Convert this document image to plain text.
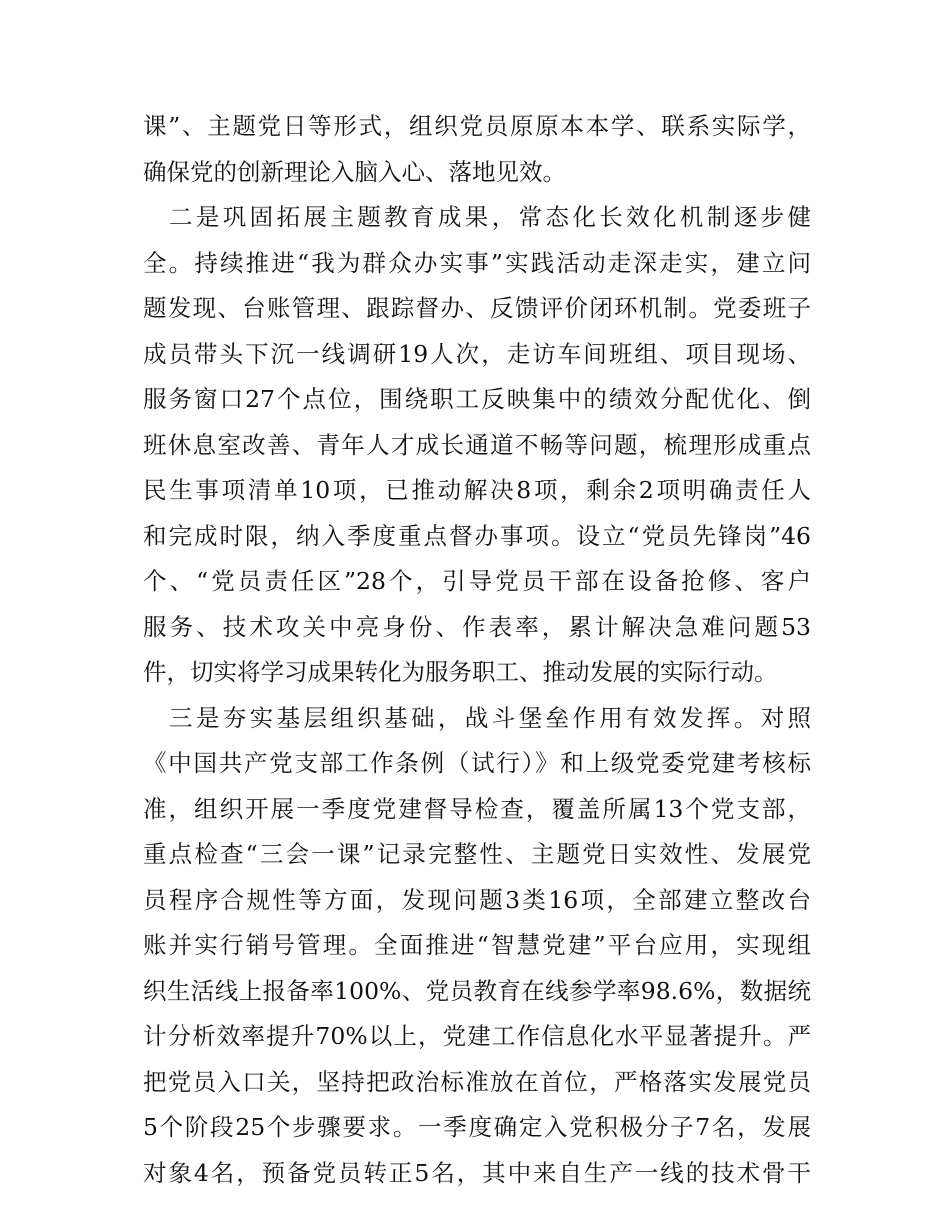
课”、主题党日等形式，组织党员原原本本学、联系实际学，
确保党的创新理论入脑入心、落地见效。
二是巩固拓展主题教育成果，常态化长效化机制逐步健
全。持续推进“我为群众办实事”实践活动走深走实，建立问
题发现、台账管理、跟踪督办、反馈评价闭环机制。党委班子
成员带头下沉一线调研19人次，走访车间班组、项目现场、
服务窗口27个点位，围绕职工反映集中的绩效分配优化、倒
班休息室改善、青年人才成长通道不畅等问题，梳理形成重点
民生事项清单10项，已推动解决8项，剩余2项明确责任人
和完成时限，纳入季度重点督办事项。设立“党员先锋岗”46
个、“党员责任区”28个，引导党员干部在设备抢修、客户
服务、技术攻关中亮身份、作表率，累计解决急难问题53
件，切实将学习成果转化为服务职工、推动发展的实际行动。
三是夯实基层组织基础，战斗堡垒作用有效发挥。对照
《中国共产党支部工作条例（试行）》和上级党委党建考核标
准，组织开展一季度党建督导检查，覆盖所属13个党支部，
重点检查“三会一课”记录完整性、主题党日实效性、发展党
员程序合规性等方面，发现问题3类16项，全部建立整改台
账并实行销号管理。全面推进“智慧党建”平台应用，实现组
织生活线上报备率100%、党员教育在线参学率98.6%，数据统
计分析效率提升70%以上，党建工作信息化水平显著提升。严
把党员入口关，坚持把政治标准放在首位，严格落实发展党员
5个阶段25个步骤要求。一季度确定入党积极分子7名，发展
对象4名，预备党员转正5名，其中来自生产一线的技术骨干
